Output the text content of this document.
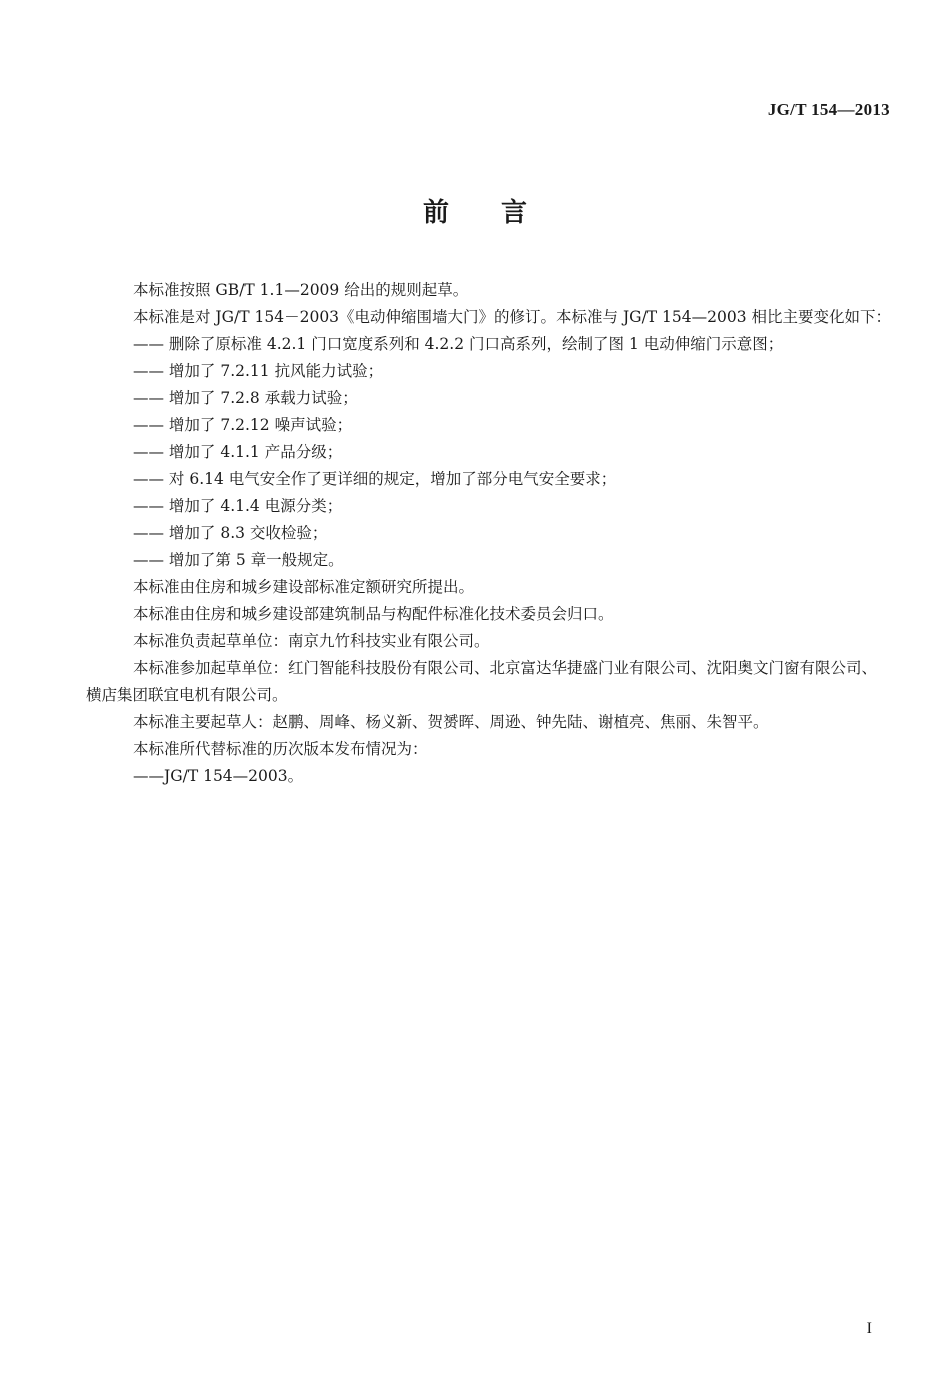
JG/T 154—2013
前 言

本标准按照 GB/T 1.1—2009 给出的规则起草。

本标准是对 JG/T 154－2003《电动伸缩围墙大门》的修订。本标准与 JG/T 154—2003 相比主要变化如下：

—— 删除了原标准 4.2.1 门口宽度系列和 4.2.2 门口高系列，绘制了图 1 电动伸缩门示意图；

—— 增加了 7.2.11 抗风能力试验；

—— 增加了 7.2.8 承载力试验；

—— 增加了 7.2.12 噪声试验；

—— 增加了 4.1.1 产品分级；

—— 对 6.14 电气安全作了更详细的规定，增加了部分电气安全要求；

—— 增加了 4.1.4 电源分类；

—— 增加了 8.3 交收检验；

—— 增加了第 5 章一般规定。

本标准由住房和城乡建设部标准定额研究所提出。

本标准由住房和城乡建设部建筑制品与构配件标准化技术委员会归口。

本标准负责起草单位：南京九竹科技实业有限公司。

本标准参加起草单位：红门智能科技股份有限公司、北京富达华捷盛门业有限公司、沈阳奥文门窗有限公司、横店集团联宜电机有限公司。

本标准主要起草人：赵鹏、周峰、杨义新、贺赟晖、周逊、钟先陆、谢植亮、焦丽、朱智平。

本标准所代替标准的历次版本发布情况为：

——JG/T 154—2003。

I
